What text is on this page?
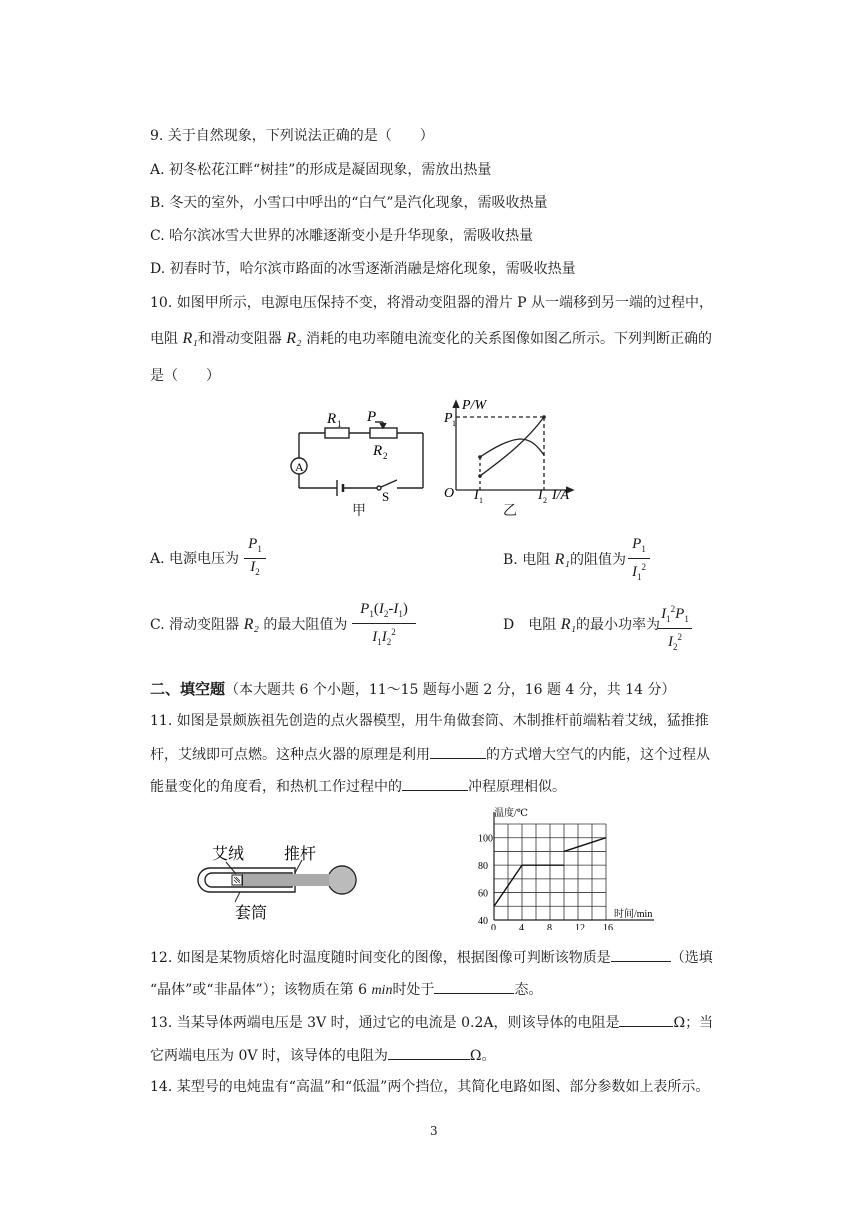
9. 关于自然现象，下列说法正确的是（　　）
A. 初冬松花江畔“树挂”的形成是凝固现象，需放出热量
B. 冬天的室外，小雪口中呼出的“白气”是汽化现象，需吸收热量
C. 哈尔滨冰雪大世界的冰雕逐渐变小是升华现象，需吸收热量
D. 初春时节，哈尔滨市路面的冰雪逐渐消融是熔化现象，需吸收热量
10. 如图甲所示，电源电压保持不变，将滑动变阻器的滑片 P 从一端移到另一端的过程中，
电阻 R₁和滑动变阻器 R₂ 消耗的电功率随电流变化的关系图像如图乙所示。下列判断正确的
是（　　）
A
R 1 P
R 2
S
甲
P/W
P 1
O I 1	I 2 I/A
乙
A. 电源电压为
$P_1$
$I_2$
B. 电阻 R₁的阻值为
$P_1$
$I_1^2$
C. 滑动变阻器 R₂ 的最大阻值为
$P_1(I_2-I_1)$
$I_1I_2^2$	D　电阻 R₁的最小功率为
$I_1^2P_1$
$I_2^2$
二、填空题（本大题共 6 个小题，11～15 题每小题 2 分，16 题 4 分，共 14 分）
11. 如图是景颇族祖先创造的点火器模型，用牛角做套筒、木制推杆前端粘着艾绒，猛推推
杆，艾绒即可点燃。这种点火器的原理是利用	的方式增大空气的内能，这个过程从
能量变化的角度看，和热机工作过程中的	冲程原理相似。
艾绒 推杆
套筒
温度/℃
时间/min
100
80
60
40
0 4 8 12 16
12. 如图是某物质熔化时温度随时间变化的图像，根据图像可判断该物质是	（选填
“晶体”或“非晶体”）；该物质在第 6 min时处于	态。
13. 当某导体两端电压是 3V 时，通过它的电流是 0.2A，则该导体的电阻是	Ω；当
它两端电压为 0V 时，该导体的电阻为	Ω。
14. 某型号的电炖盅有“高温”和“低温”两个挡位，其简化电路如图、部分参数如上表所示。
3
